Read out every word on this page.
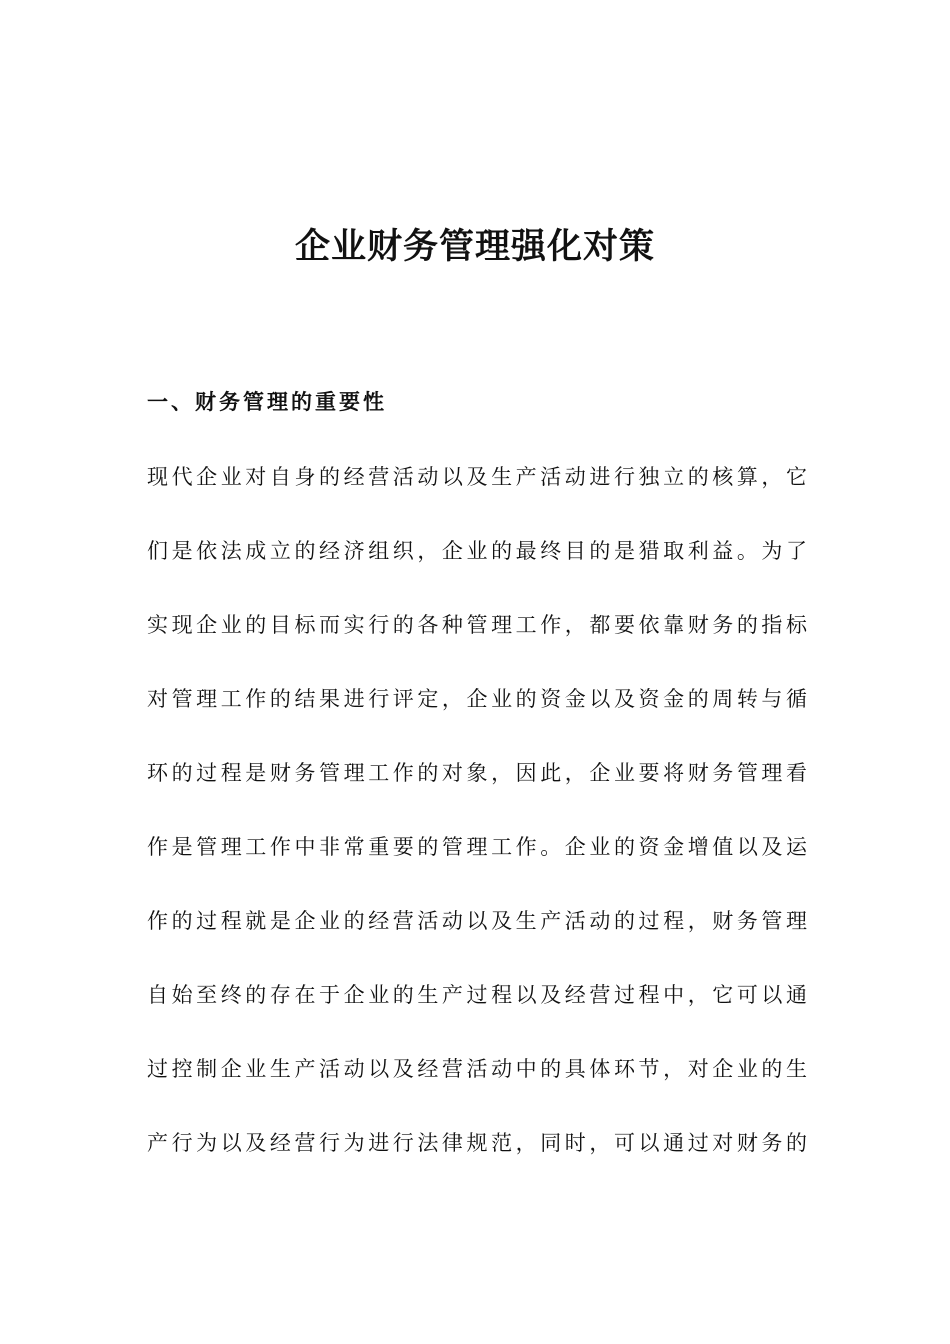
企业财务管理强化对策
一、财务管理的重要性
现代企业对自身的经营活动以及生产活动进行独立的核算，它
们是依法成立的经济组织，企业的最终目的是猎取利益。为了
实现企业的目标而实行的各种管理工作，都要依靠财务的指标
对管理工作的结果进行评定，企业的资金以及资金的周转与循
环的过程是财务管理工作的对象，因此，企业要将财务管理看
作是管理工作中非常重要的管理工作。企业的资金增值以及运
作的过程就是企业的经营活动以及生产活动的过程，财务管理
自始至终的存在于企业的生产过程以及经营过程中，它可以通
过控制企业生产活动以及经营活动中的具体环节，对企业的生
产行为以及经营行为进行法律规范，同时，可以通过对财务的
